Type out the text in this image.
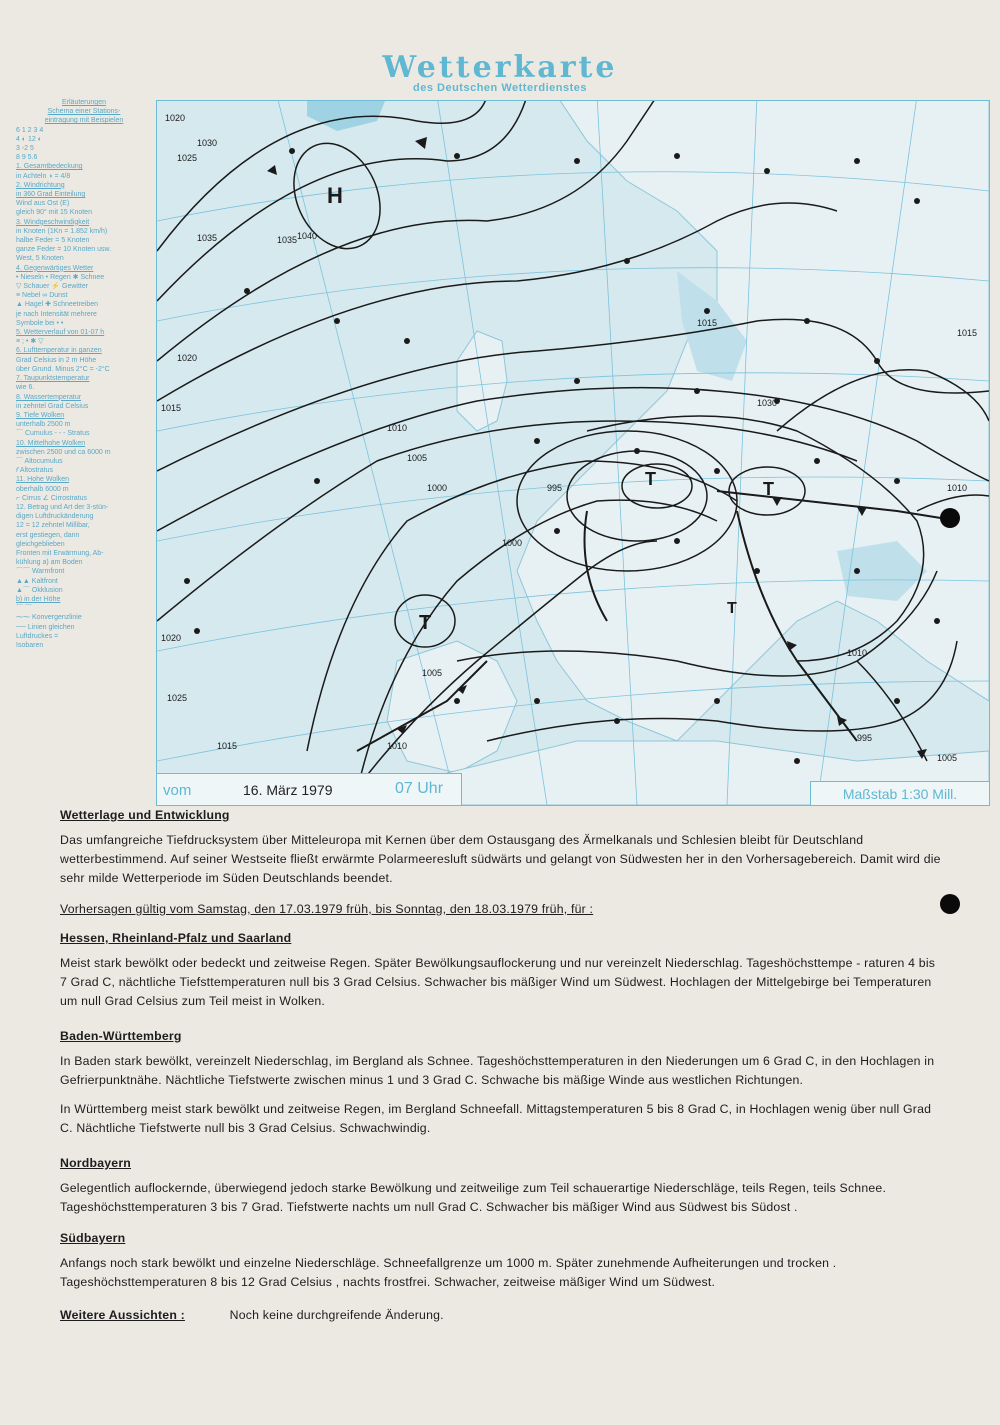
Wetterkarte
des Deutschen Wetterdienstes
Erläuterungen
Schema einer Stations-
eintragung mit Beispielen
6 1 2 3 4
4 ◐ 12 ◐
3 -2 5
8 9 5.6
1. Gesamtbedeckung
in Achteln ◑ = 4/8
2. Windrichtung
in 360 Grad Einteilung
Wind aus Ost (E)
gleich 90° mit 15 Knoten
3. Windgeschwindigkeit
in Knoten (1Kn = 1.852 km/h)
halbe Feder = 5 Knoten
ganze Feder = 10 Knoten usw.
West, 5 Knoten
4. Gegenwärtiges Wetter
• Nieseln • Regen ✱ Schnee
▽ Schauer ⚡ Gewitter
≡ Nebel ∞ Dunst
▲ Hagel ✚ Schneetreiben
je nach Intensität mehrere
Symbole bei • •
5. Wetterverlauf von 01-07 h
≡ ; • ✱ ▽
6. Lufttemperatur in ganzen
Grad Celsius in 2 m Höhe
über Grund. Minus 2°C = -2°C
7. Taupunktstemperatur
wie 6.
8. Wassertemperatur
in zehntel Grad Celsius
9. Tiefe Wolken
unterhalb 2500 m
⌒ Cumulus - - - Stratus
10. Mittelhohe Wolken
zwischen 2500 und ca 6000 m
⌒ Altocumulus
⁄⁄ Altostratus
11. Hohe Wolken
oberhalb 6000 m
⌐ Cirrus ∠ Cirrostratus
12. Betrag und Art der 3-stün-
digen Luftdruckänderung
12 = 12 zehntel Millibar,
erst gestiegen, dann
gleichgeblieben
Fronten mit Erwärmung, Ab-
kühlung a) am Boden
⌒⌒ Warmfront
▲▲ Kaltfront
▲⌒ Okklusion
b) in der Höhe
⌒ ⌒
⁓⁓ Konvergenzlinie
── Linien gleichen
Luftdruckes =
Isobaren
H
T
T	T
T
1020
1035 1040
1035
1030
1025
1020
1015
1010
1005
1000	995
1000
1005
1010
1015
1020
1025
1030
1015
1010
1005
995
1010
1015
vom	16. März 1979	07 Uhr	Maßstab 1:30 Mill.
Wetterlage und Entwicklung

Das umfangreiche Tiefdrucksystem über Mitteleuropa mit Kernen über dem Ostausgang des Ärmelkanals und Schlesien bleibt für Deutschland wetterbestimmend. Auf seiner Westseite fließt erwärmte Polarmeeresluft südwärts und gelangt von Südwesten her in den Vorhersagebereich. Damit wird die sehr milde Wetterperiode im Süden Deutschlands beendet.

Vorhersagen gültig vom Samstag, den 17.03.1979 früh, bis Sonntag, den 18.03.1979 früh, für :
Hessen, Rheinland-Pfalz und Saarland

Meist stark bewölkt oder bedeckt und zeitweise Regen. Später Bewölkungsauflockerung und nur vereinzelt Niederschlag. Tageshöchsttempe - raturen 4 bis 7 Grad C, nächtliche Tiefsttemperaturen null bis 3 Grad Celsius. Schwacher bis mäßiger Wind um Südwest. Hochlagen der Mittelgebirge bei Temperaturen um null Grad Celsius zum Teil meist in Wolken.

Baden-Württemberg

In Baden stark bewölkt, vereinzelt Niederschlag, im Bergland als Schnee. Tageshöchsttemperaturen in den Niederungen um 6 Grad C, in den Hochlagen in Gefrierpunktnähe. Nächtliche Tiefstwerte zwischen minus 1 und 3 Grad C. Schwache bis mäßige Winde aus westlichen Richtungen.

In Württemberg meist stark bewölkt und zeitweise Regen, im Bergland Schneefall. Mittagstemperaturen 5 bis 8 Grad C, in Hochlagen wenig über null Grad C. Nächtliche Tiefstwerte null bis 3 Grad Celsius. Schwachwindig.

Nordbayern

Gelegentlich auflockernde, überwiegend jedoch starke Bewölkung und zeitweilige zum Teil schauerartige Niederschläge, teils Regen, teils Schnee. Tageshöchsttemperaturen 3 bis 7 Grad. Tiefstwerte nachts um null Grad C. Schwacher bis mäßiger Wind aus Südwest bis Südost .

Südbayern

Anfangs noch stark bewölkt und einzelne Niederschläge. Schneefallgrenze um 1000 m. Später zunehmende Aufheiterungen und trocken . Tageshöchsttemperaturen 8 bis 12 Grad Celsius , nachts frostfrei. Schwacher, zeitweise mäßiger Wind um Südwest.

Weitere Aussichten :	Noch keine durchgreifende Änderung.
